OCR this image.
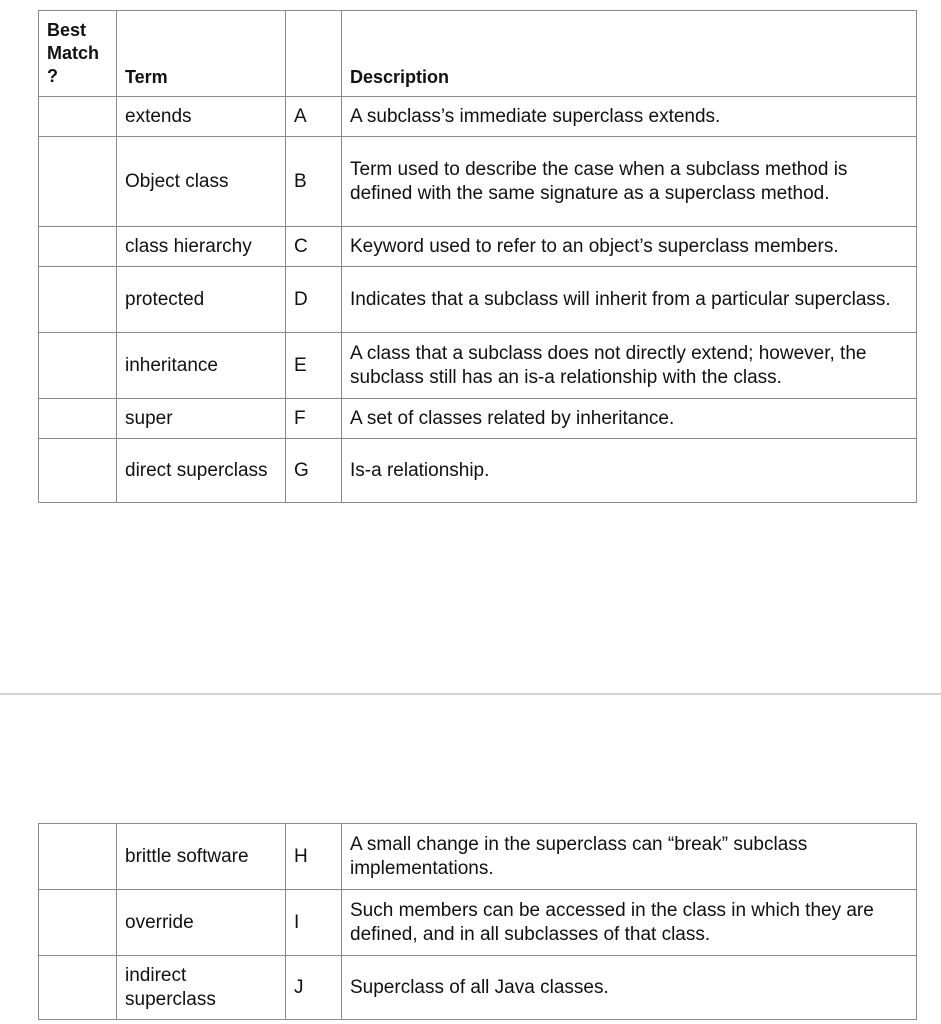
Best Match ?	Term		Description
	extends	A	A subclass’s immediate superclass extends.
	Object class	B	Term used to describe the case when a subclass method is defined with the same signature as a superclass method.
	class hierarchy	C	Keyword used to refer to an object’s superclass members.
	protected	D	Indicates that a subclass will inherit from a particular superclass.
	inheritance	E	A class that a subclass does not directly extend; however, the subclass still has an is-a relationship with the class.
	super	F	A set of classes related by inheritance.
	direct superclass	G	Is-a relationship.
	brittle software	H	A small change in the superclass can “break” subclass implementations.
	override	I	Such members can be accessed in the class in which they are defined, and in all subclasses of that class.
	indirect superclass	J	Superclass of all Java classes.
